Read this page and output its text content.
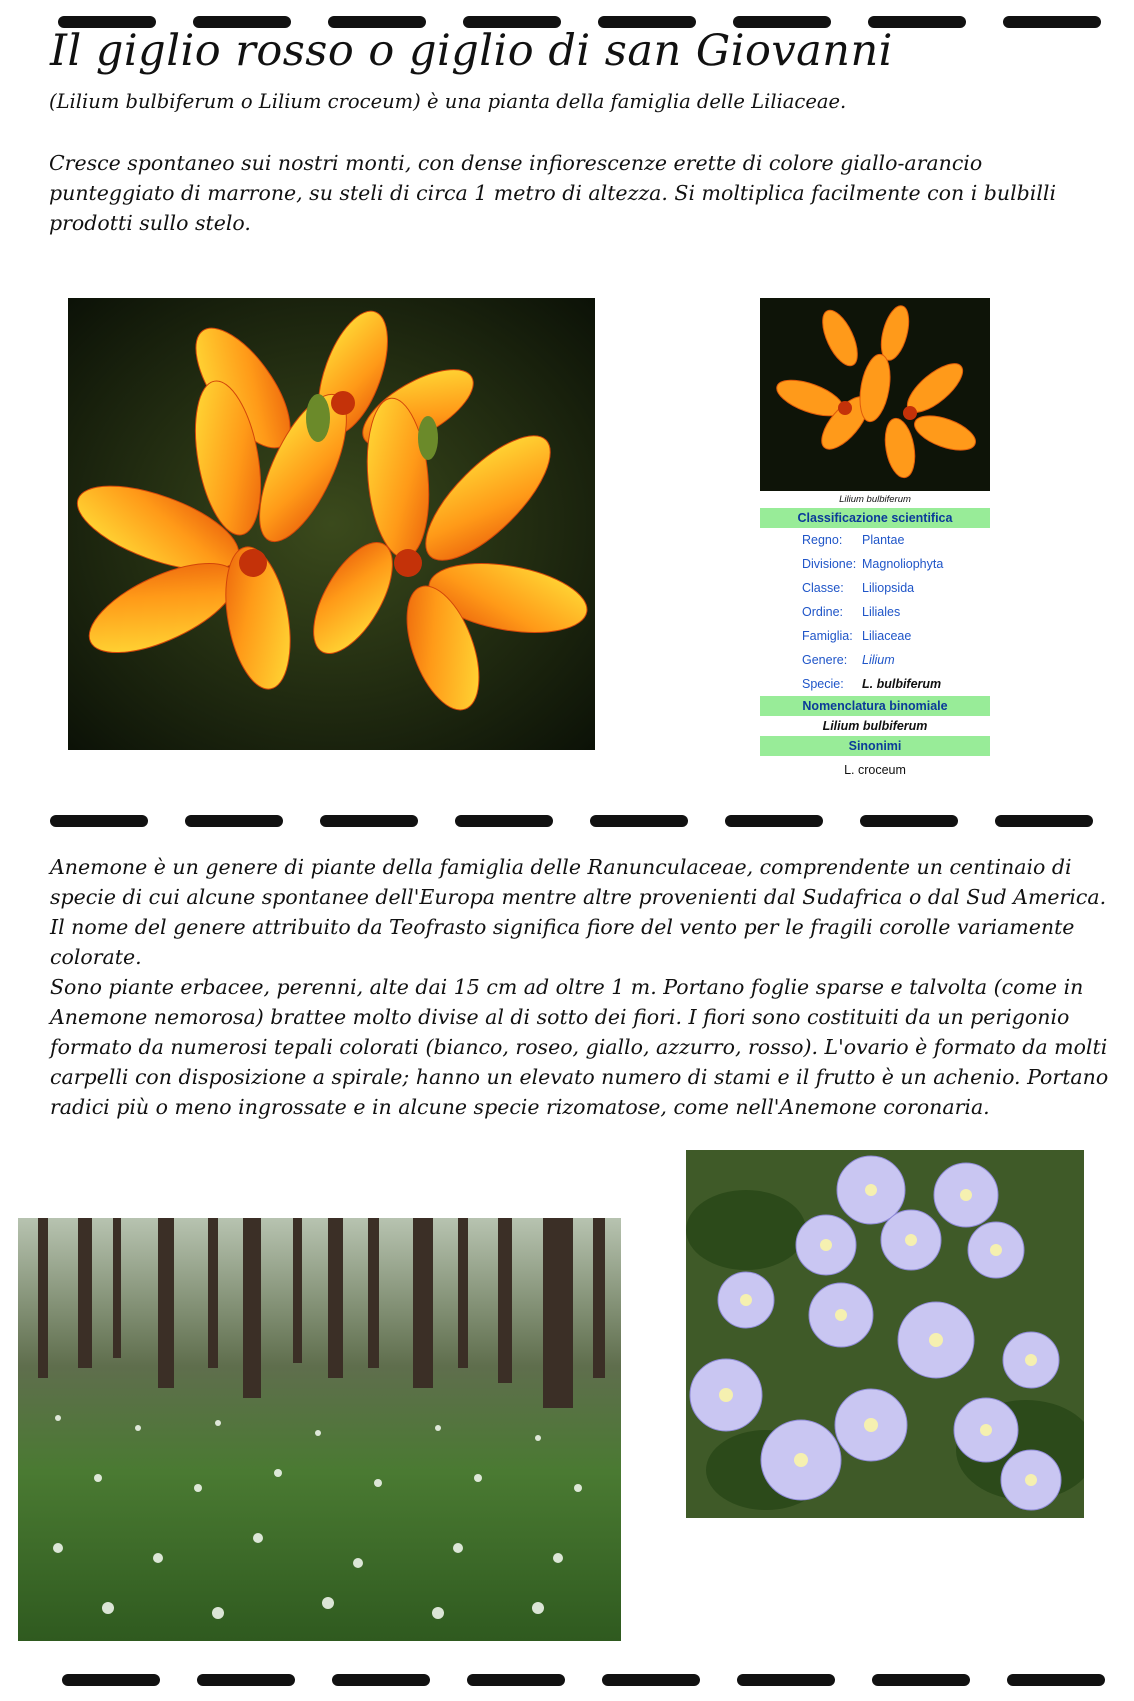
Il giglio rosso o giglio di san Giovanni
(Lilium bulbiferum o Lilium croceum) è una pianta della famiglia delle Liliaceae.
Cresce spontaneo sui nostri monti, con dense infiorescenze erette di colore giallo-arancio punteggiato di marrone, su steli di circa 1 metro di altezza. Si moltiplica facilmente con i bulbilli prodotti sullo stelo.
Lilium bulbiferum
Classificazione scientifica
Regno:	Plantae
Divisione: Magnoliophyta
Classe:	Liliopsida
Ordine:	Liliales
Famiglia: Liliaceae
Genere:	Lilium
Specie:	L. bulbiferum
Nomenclatura binomiale
Lilium bulbiferum
Sinonimi
L. croceum

Anemone è un genere di piante della famiglia delle Ranunculaceae, comprendente un centinaio di specie di cui alcune spontanee dell'Europa mentre altre provenienti dal Sudafrica o dal Sud America.

Il nome del genere attribuito da Teofrasto significa fiore del vento per le fragili corolle variamente colorate.

Sono piante erbacee, perenni, alte dai 15 cm ad oltre 1 m. Portano foglie sparse e talvolta (come in Anemone nemorosa) brattee molto divise al di sotto dei fiori. I fiori sono costituiti da un perigonio formato da numerosi tepali colorati (bianco, roseo, giallo, azzurro, rosso). L'ovario è formato da molti carpelli con disposizione a spirale; hanno un elevato numero di stami e il frutto è un achenio. Portano radici più o meno ingrossate e in alcune specie rizomatose, come nell'Anemone coronaria.
